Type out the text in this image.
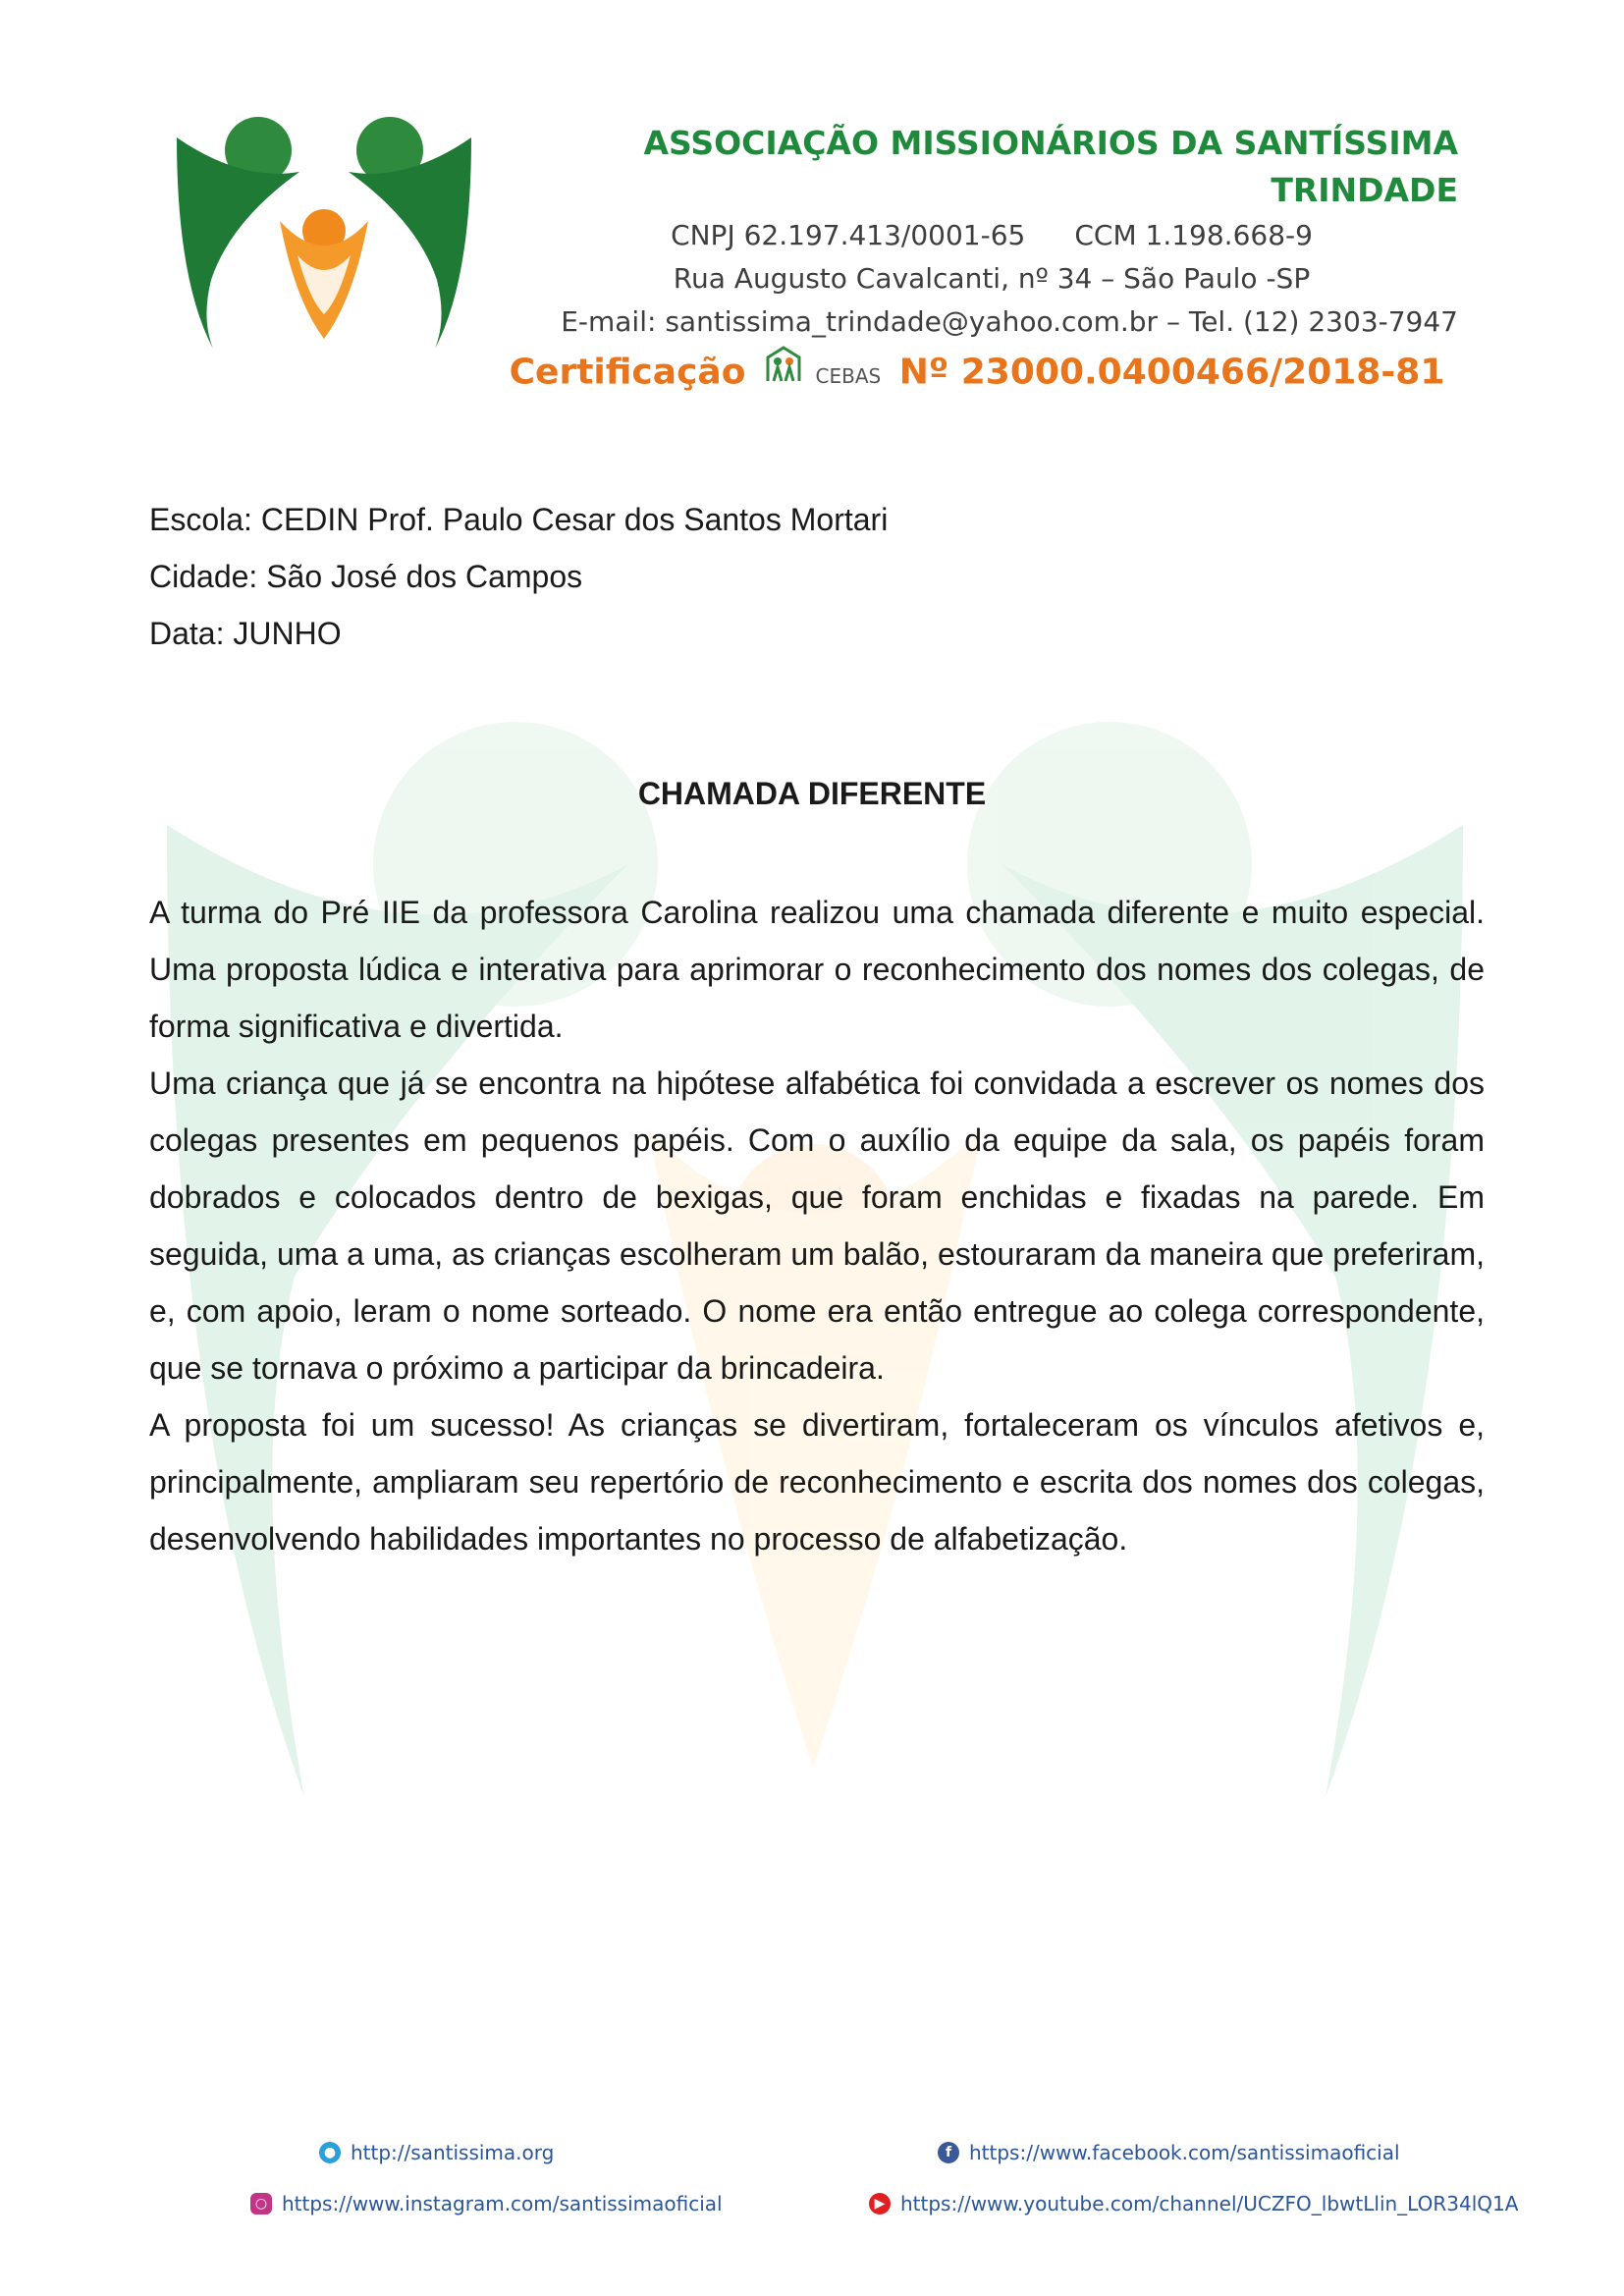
ASSOCIAÇÃO MISSIONÁRIOS DA SANTÍSSIMA TRINDADE
CNPJ 62.197.413/0001-65 CCM 1.198.668-9
Rua Augusto Cavalcanti, nº 34 – São Paulo -SP
E-mail: santissima_trindade@yahoo.com.br – Tel. (12) 2303-7947
Certificação	CEBAS Nº 23000.0400466/2018-81
Escola: CEDIN Prof. Paulo Cesar dos Santos Mortari
Cidade: São José dos Campos
Data: JUNHO
CHAMADA DIFERENTE

A turma do Pré IIE da professora Carolina realizou uma chamada diferente e muito especial. Uma proposta lúdica e interativa para aprimorar o reconhecimento dos nomes dos colegas, de forma significativa e divertida.

Uma criança que já se encontra na hipótese alfabética foi convidada a escrever os nomes dos colegas presentes em pequenos papéis. Com o auxílio da equipe da sala, os papéis foram dobrados e colocados dentro de bexigas, que foram enchidas e fixadas na parede. Em seguida, uma a uma, as crianças escolheram um balão, estouraram da maneira que preferiram, e, com apoio, leram o nome sorteado. O nome era então entregue ao colega correspondente, que se tornava o próximo a participar da brincadeira.

A proposta foi um sucesso! As crianças se divertiram, fortaleceram os vínculos afetivos e, principalmente, ampliaram seu repertório de reconhecimento e escrita dos nomes dos colegas, desenvolvendo habilidades importantes no processo de alfabetização.

● http://santissima.org	f https://www.facebook.com/santissimaoficial
○ https://www.instagram.com/santissimaoficial	▶ https://www.youtube.com/channel/UCZFO_lbwtLlin_LOR34lQ1A
